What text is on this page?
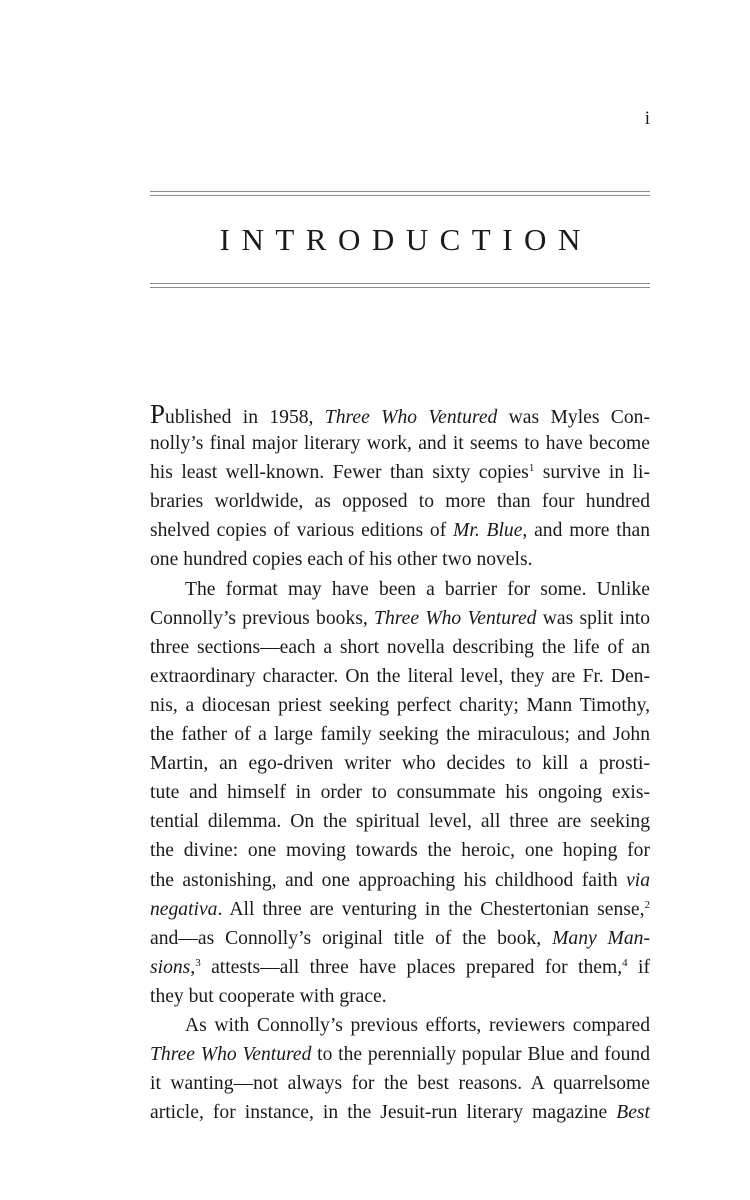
i
INTRODUCTION
Published in 1958, Three Who Ventured was Myles Con-
nolly’s final major literary work, and it seems to have become
his least well-known. Fewer than sixty copies$^1$ survive in li-
braries worldwide, as opposed to more than four hundred
shelved copies of various editions of Mr. Blue, and more than
one hundred copies each of his other two novels.
The format may have been a barrier for some. Unlike
Connolly’s previous books, Three Who Ventured was split into
three sections—each a short novella describing the life of an
extraordinary character. On the literal level, they are Fr. Den-
nis, a diocesan priest seeking perfect charity; Mann Timothy,
the father of a large family seeking the miraculous; and John
Martin, an ego-driven writer who decides to kill a prosti-
tute and himself in order to consummate his ongoing exis-
tential dilemma. On the spiritual level, all three are seeking
the divine: one moving towards the heroic, one hoping for
the astonishing, and one approaching his childhood faith via
negativa. All three are venturing in the Chestertonian sense,$^2$
and—as Connolly’s original title of the book, Many Man-
sions,$^3$ attests—all three have places prepared for them,$^4$ if
they but cooperate with grace.
As with Connolly’s previous efforts, reviewers compared
Three Who Ventured to the perennially popular Blue and found
it wanting—not always for the best reasons. A quarrelsome
article, for instance, in the Jesuit-run literary magazine Best
